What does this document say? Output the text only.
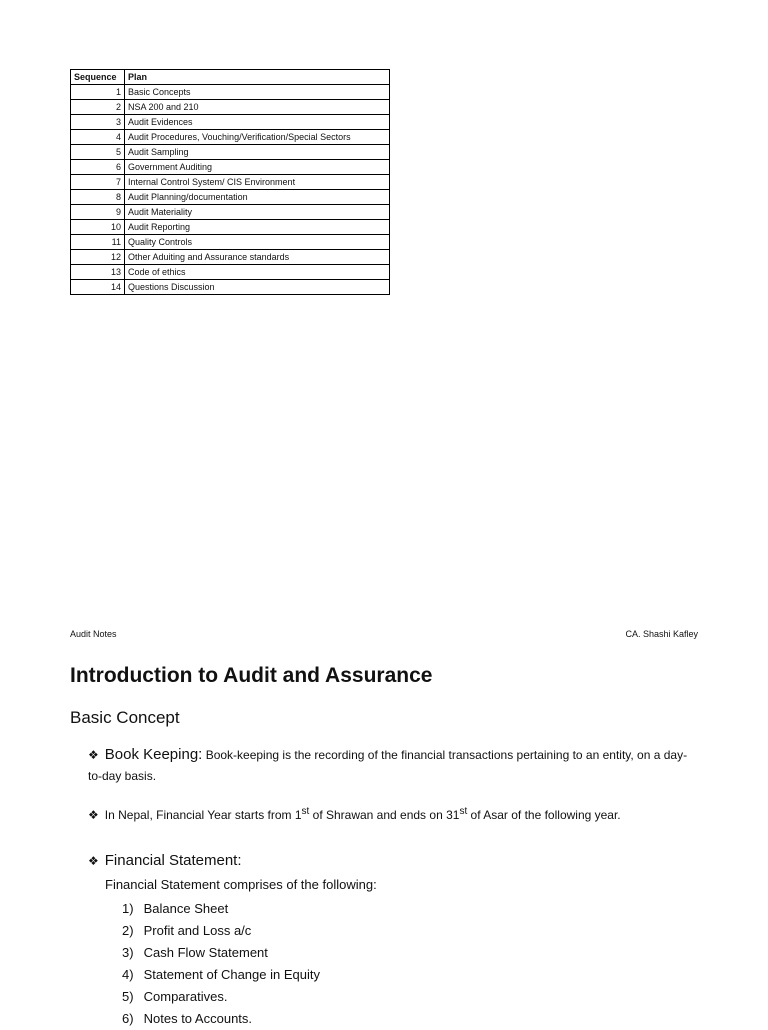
Sequence	Plan
1	Basic Concepts
2	NSA 200 and 210
3	Audit Evidences
4	Audit Procedures, Vouching/Verification/Special Sectors
5	Audit Sampling
6	Government Auditing
7	Internal Control System/ CIS Environment
8	Audit Planning/documentation
9	Audit Materiality
10	Audit Reporting
11	Quality Controls
12	Other Aduiting and Assurance standards
13	Code of ethics
14	Questions Discussion
Audit Notes	CA. Shashi Kafley
Introduction to Audit and Assurance
Basic Concept
❖ Book Keeping: Book-keeping is the recording of the financial transactions pertaining to an entity, on a day-to-day basis.
❖ In Nepal, Financial Year starts from 1st of Shrawan and ends on 31st of Asar of the following year.
❖ Financial Statement:
Financial Statement comprises of the following:
1) Balance Sheet
2) Profit and Loss a/c
3) Cash Flow Statement
4) Statement of Change in Equity
5) Comparatives.
6) Notes to Accounts.
